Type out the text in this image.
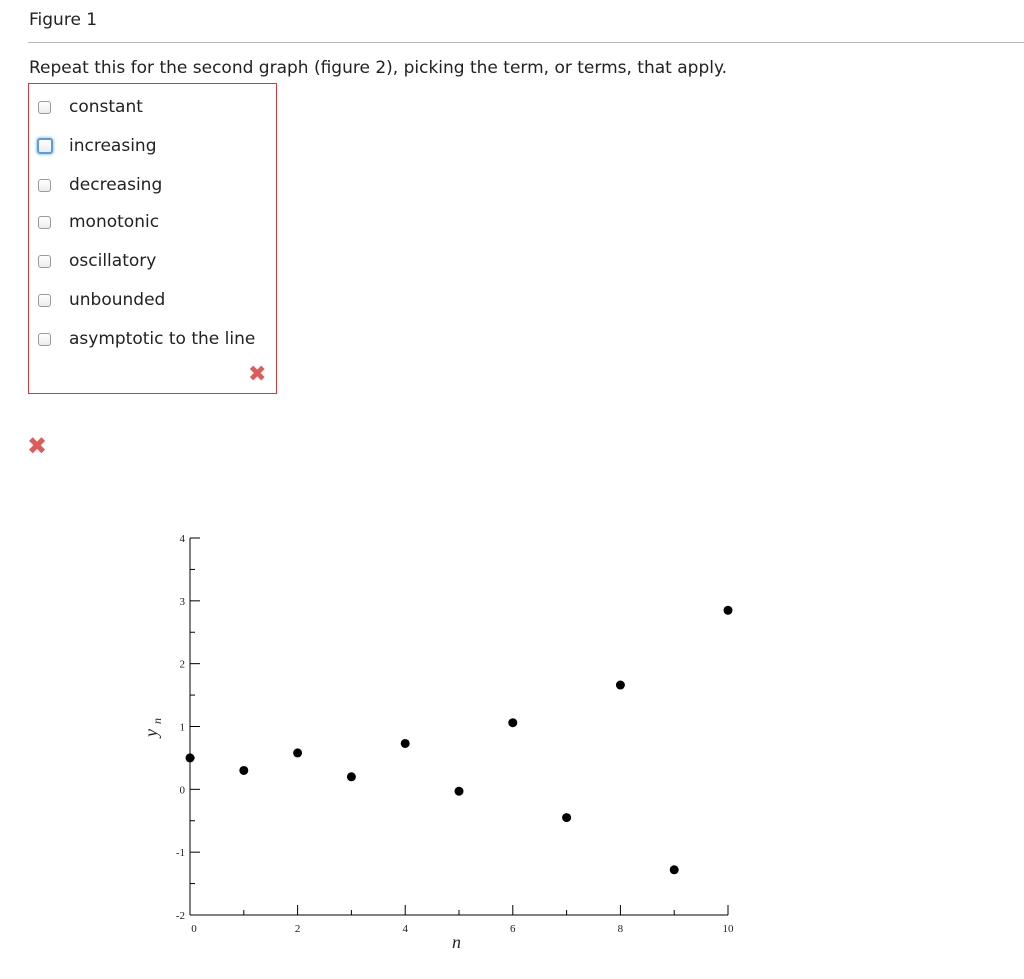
Figure 1
Repeat this for the second graph (figure 2), picking the term, or terms, that apply.
constant
increasing
decreasing
monotonic
oscillatory
unbounded
asymptotic to the line
✖
✖
-2
-1
0
1
2
3
4
0	2	4	6	8	10
n
y
n
